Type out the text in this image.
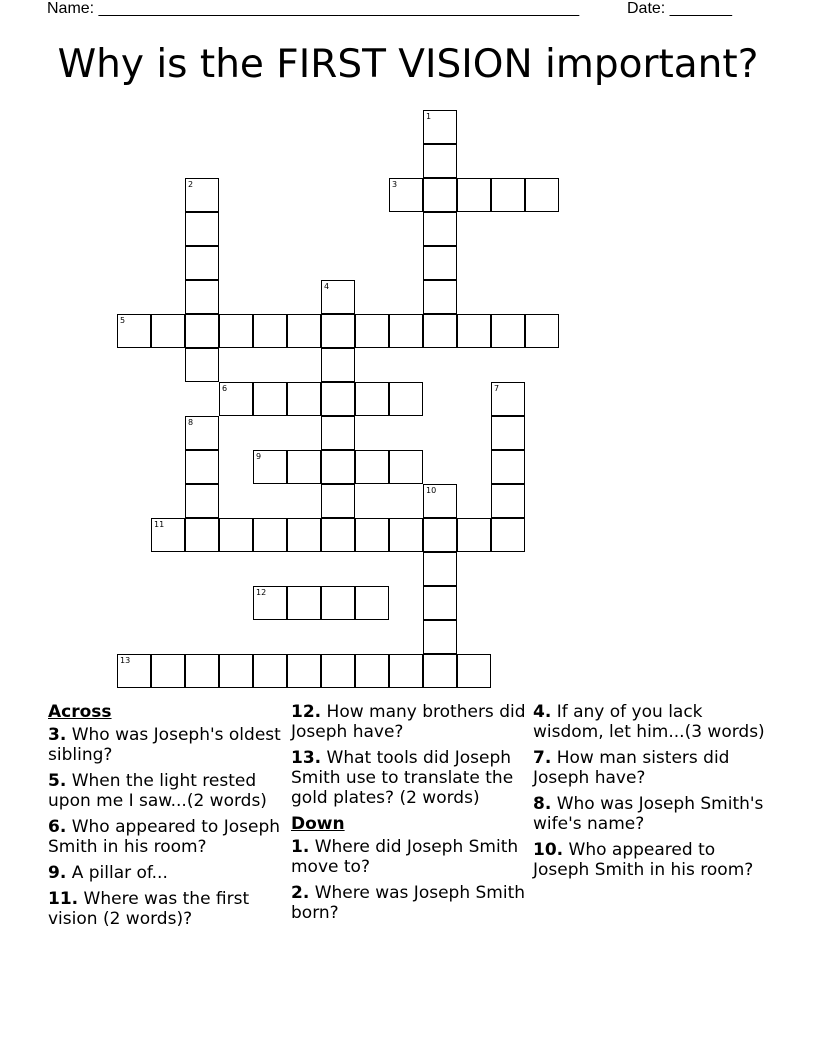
Name: ______________________________________________________	Date: _______
Why is the FIRST VISION important?
3
5
6
9
11
12
13
1
2
4
7
8
10
Across
3. Who was Joseph's oldest sibling?
5. When the light rested upon me I saw...(2 words)
6. Who appeared to Joseph Smith in his room?
9. A pillar of...
11. Where was the first vision (2 words)?
12. How many brothers did Joseph have?
13. What tools did Joseph Smith use to translate the gold plates? (2 words)
Down
1. Where did Joseph Smith move to?
2. Where was Joseph Smith born?
4. If any of you lack wisdom, let him...(3 words)
7. How man sisters did Joseph have?
8. Who was Joseph Smith's wife's name?
10. Who appeared to Joseph Smith in his room?
